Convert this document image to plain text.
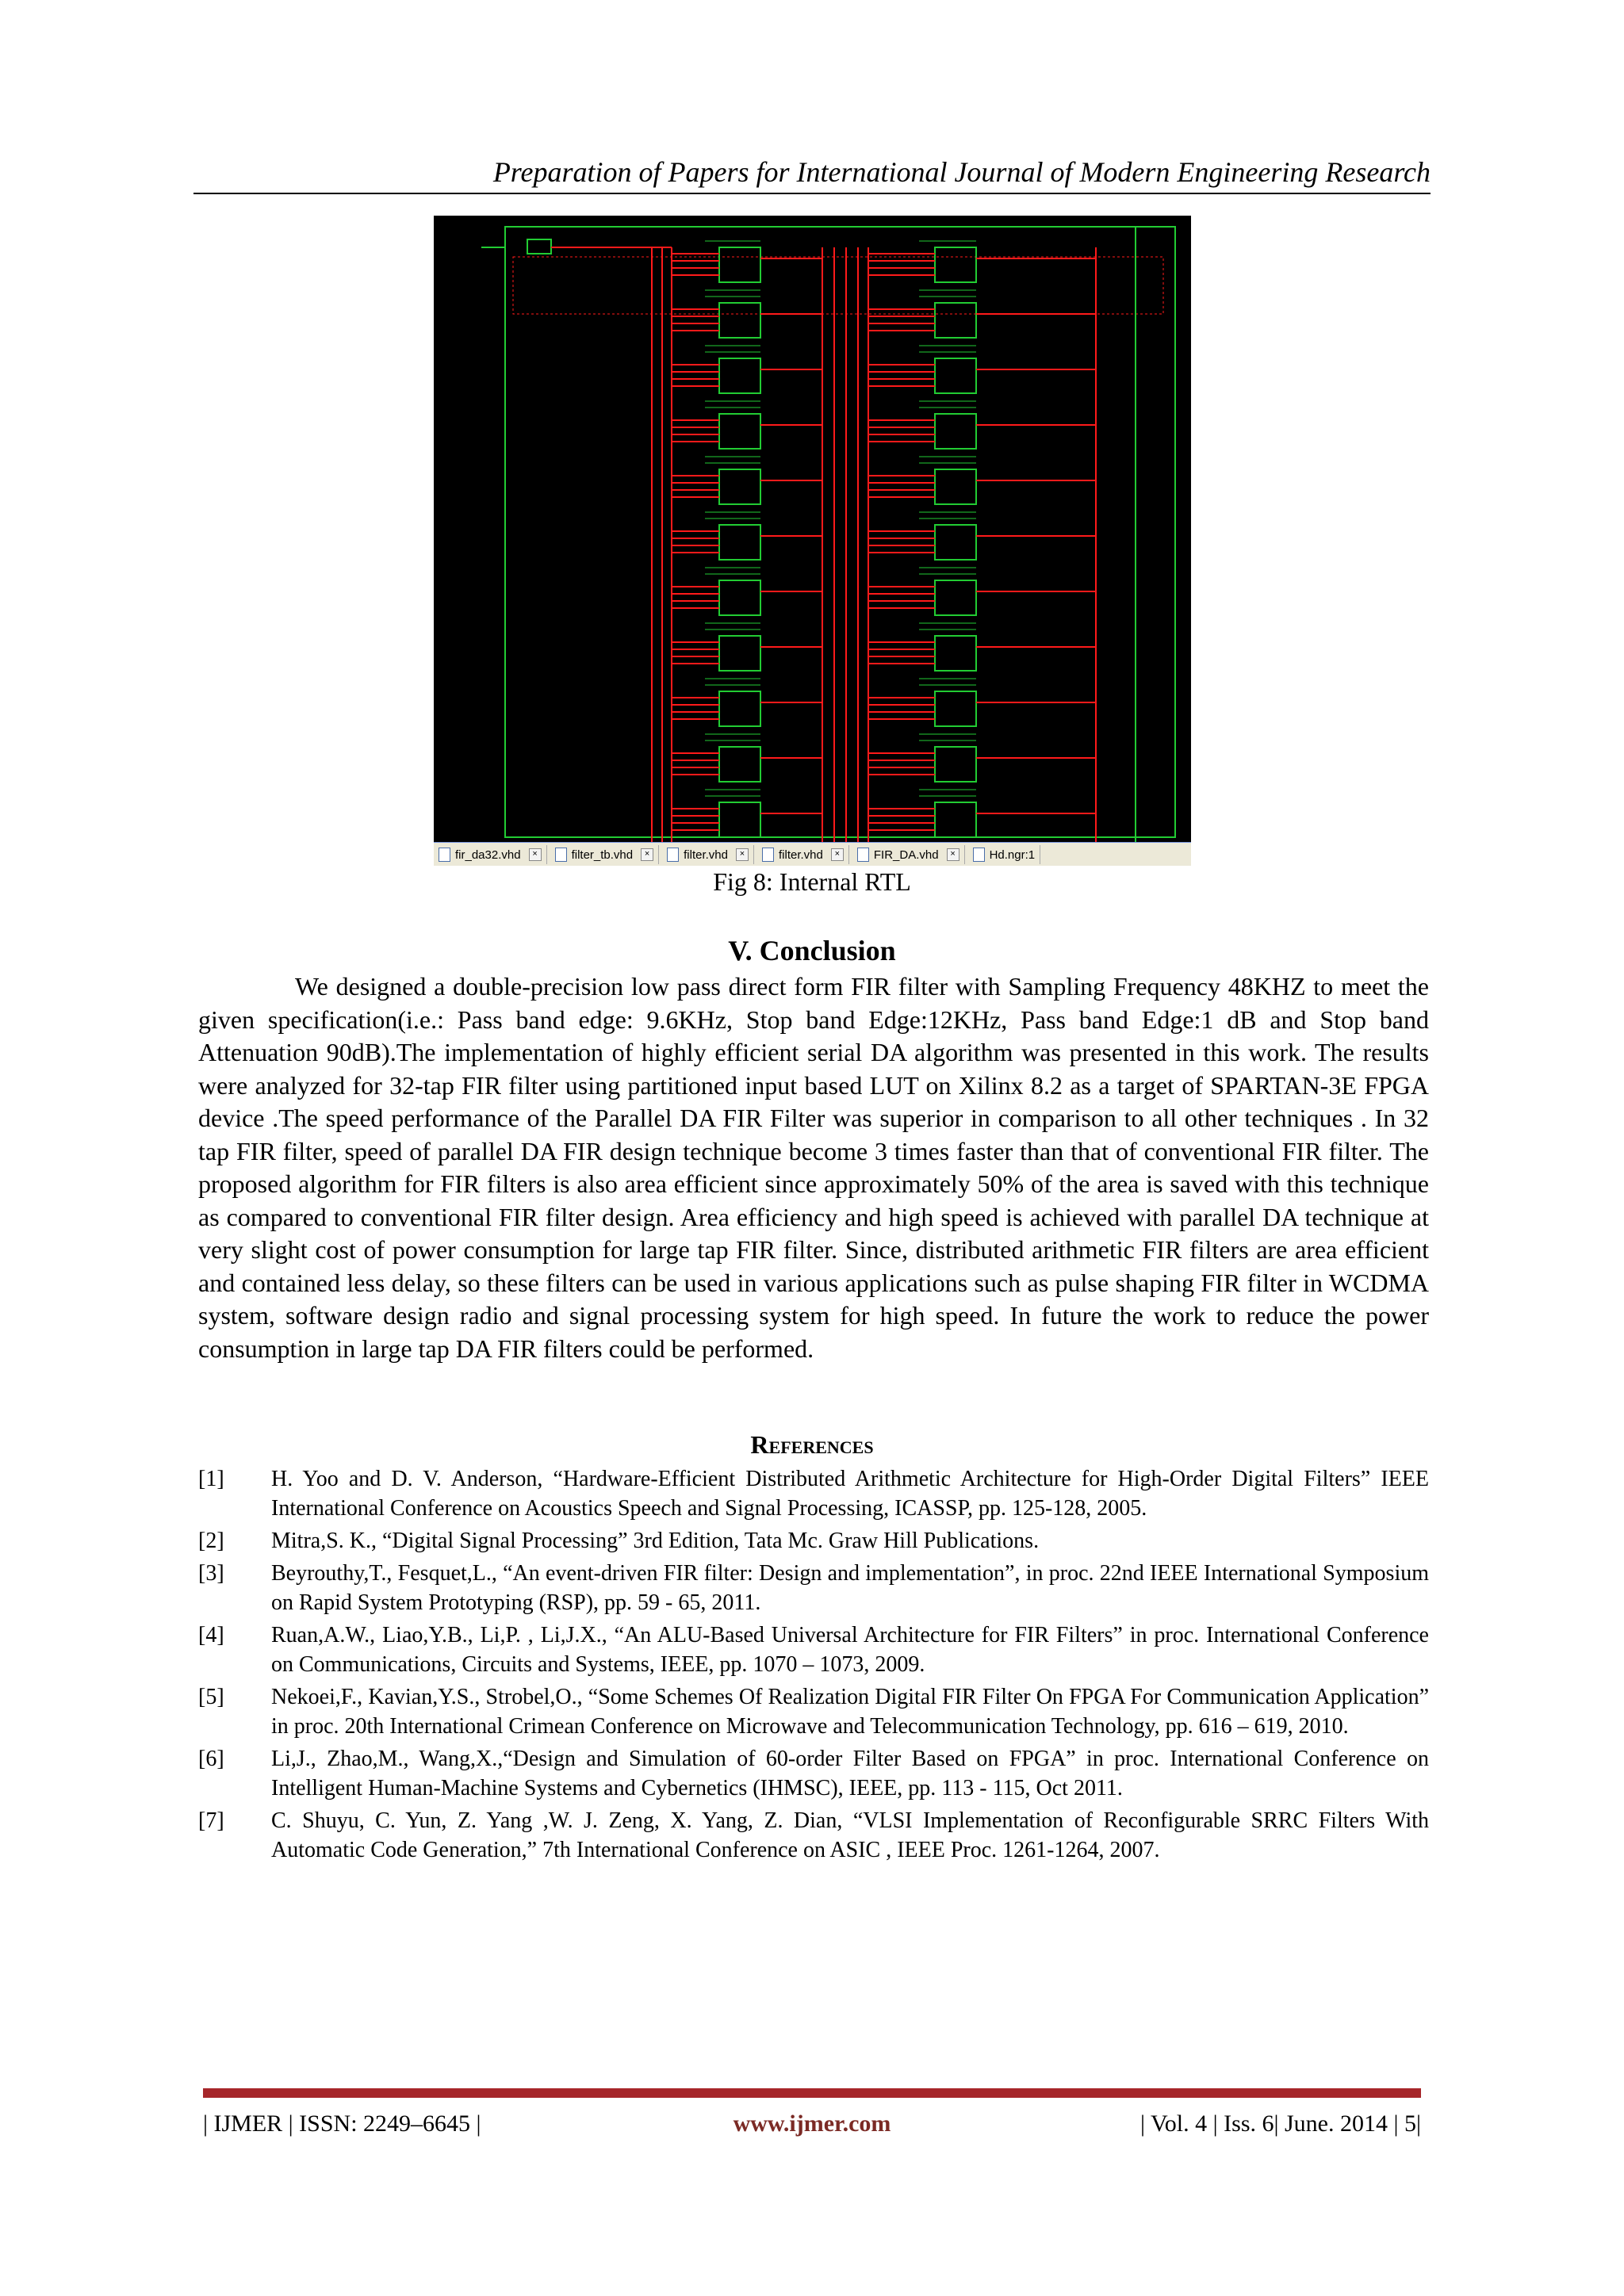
Preparation of Papers for International Journal of Modern Engineering Research
fir_da32.vhd	×	filter_tb.vhd	×	filter.vhd	×	filter.vhd	×	FIR_DA.vhd	×	Hd.ngr:1
Fig 8: Internal RTL
V. Conclusion

We designed a double-precision low pass direct form FIR filter with Sampling Frequency 48KHZ to meet the given specification(i.e.: Pass band edge: 9.6KHz, Stop band Edge:12KHz, Pass band Edge:1 dB and Stop band Attenuation 90dB).The implementation of highly efficient serial DA algorithm was presented in this work. The results were analyzed for 32-tap FIR filter using partitioned input based LUT on Xilinx 8.2 as a target of SPARTAN-3E FPGA device .The speed performance of the Parallel DA FIR Filter was superior in comparison to all other techniques . In 32 tap FIR filter, speed of parallel DA FIR design technique become 3 times faster than that of conventional FIR filter. The proposed algorithm for FIR filters is also area efficient since approximately 50% of the area is saved with this technique as compared to conventional FIR filter design. Area efficiency and high speed is achieved with parallel DA technique at very slight cost of power consumption for large tap FIR filter. Since, distributed arithmetic FIR filters are area efficient and contained less delay, so these filters can be used in various applications such as pulse shaping FIR filter in WCDMA system, software design radio and signal processing system for high speed. In future the work to reduce the power consumption in large tap DA FIR filters could be performed.

References
[1] H. Yoo and D. V. Anderson, “Hardware-Efficient Distributed Arithmetic Architecture for High-Order Digital Filters” IEEE International Conference on Acoustics Speech and Signal Processing, ICASSP, pp. 125-128, 2005.
[2] Mitra,S. K., “Digital Signal Processing” 3rd Edition, Tata Mc. Graw Hill Publications.
[3] Beyrouthy,T., Fesquet,L., “An event-driven FIR filter: Design and implementation”, in proc. 22nd IEEE International Symposium on Rapid System Prototyping (RSP), pp. 59 - 65, 2011.
[4] Ruan,A.W., Liao,Y.B., Li,P. , Li,J.X., “An ALU-Based Universal Architecture for FIR Filters” in proc. International Conference on Communications, Circuits and Systems, IEEE, pp. 1070 – 1073, 2009.
[5] Nekoei,F., Kavian,Y.S., Strobel,O., “Some Schemes Of Realization Digital FIR Filter On FPGA For Communication Application” in proc. 20th International Crimean Conference on Microwave and Telecommunication Technology, pp. 616 – 619, 2010.
[6] Li,J., Zhao,M., Wang,X.,“Design and Simulation of 60-order Filter Based on FPGA” in proc. International Conference on Intelligent Human-Machine Systems and Cybernetics (IHMSC), IEEE, pp. 113 - 115, Oct 2011.
[7] C. Shuyu, C. Yun, Z. Yang ,W. J. Zeng, X. Yang, Z. Dian, “VLSI Implementation of Reconfigurable SRRC Filters With Automatic Code Generation,” 7th International Conference on ASIC , IEEE Proc. 1261-1264, 2007.
| IJMER | ISSN: 2249–6645 |	www.ijmer.com	| Vol. 4 | Iss. 6| June. 2014 | 5|
